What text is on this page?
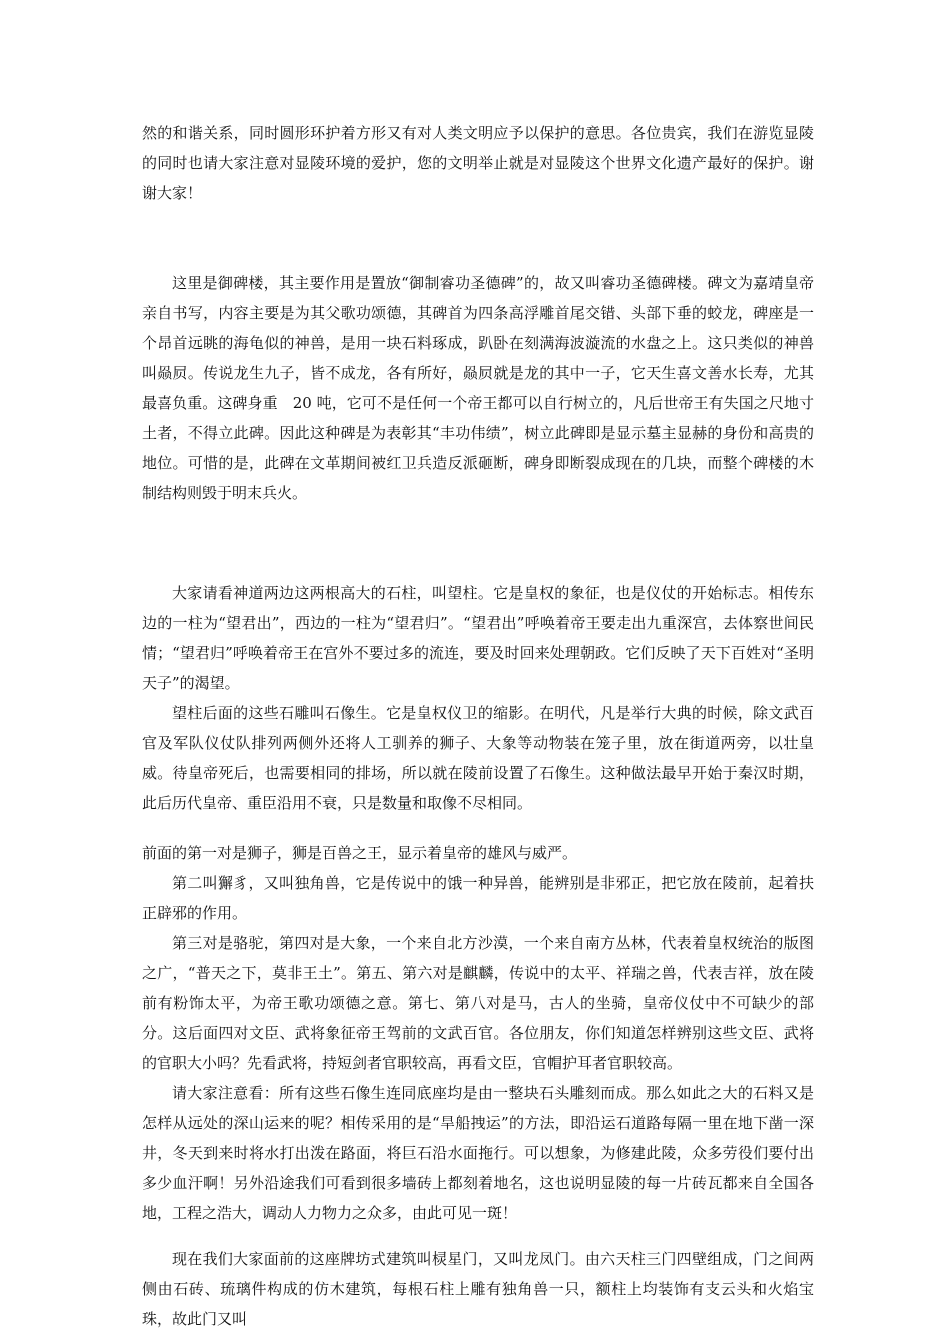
然的和谐关系，同时圆形环护着方形又有对人类文明应予以保护的意思。各位贵宾，我们在游览显陵的同时也请大家注意对显陵环境的爱护，您的文明举止就是对显陵这个世界文化遗产最好的保护。谢谢大家！

这里是御碑楼，其主要作用是置放“御制睿功圣德碑”的，故又叫睿功圣德碑楼。碑文为嘉靖皇帝亲自书写，内容主要是为其父歌功颂德，其碑首为四条高浮雕首尾交错、头部下垂的蛟龙，碑座是一个昂首远眺的海龟似的神兽，是用一块石料琢成，趴卧在刻满海波漩流的水盘之上。这只类似的神兽叫赑屃。传说龙生九子，皆不成龙，各有所好，赑屃就是龙的其中一子，它天生喜文善水长寿，尤其最喜负重。这碑身重　20 吨，它可不是任何一个帝王都可以自行树立的，凡后世帝王有失国之尺地寸土者，不得立此碑。因此这种碑是为表彰其“丰功伟绩”，树立此碑即是显示墓主显赫的身份和高贵的地位。可惜的是，此碑在文革期间被红卫兵造反派砸断，碑身即断裂成现在的几块，而整个碑楼的木制结构则毁于明末兵火。

大家请看神道两边这两根高大的石柱，叫望柱。它是皇权的象征，也是仪仗的开始标志。相传东边的一柱为“望君出”，西边的一柱为“望君归”。“望君出”呼唤着帝王要走出九重深宫，去体察世间民情；“望君归”呼唤着帝王在宫外不要过多的流连，要及时回来处理朝政。它们反映了天下百姓对“圣明天子”的渴望。

望柱后面的这些石雕叫石像生。它是皇权仪卫的缩影。在明代，凡是举行大典的时候，除文武百官及军队仪仗队排列两侧外还将人工驯养的狮子、大象等动物装在笼子里，放在街道两旁，以壮皇威。待皇帝死后，也需要相同的排场，所以就在陵前设置了石像生。这种做法最早开始于秦汉时期，此后历代皇帝、重臣沿用不衰，只是数量和取像不尽相同。

前面的第一对是狮子，狮是百兽之王，显示着皇帝的雄风与威严。

第二叫獬豸，又叫独角兽，它是传说中的饿一种异兽，能辨别是非邪正，把它放在陵前，起着扶正辟邪的作用。

第三对是骆驼，第四对是大象，一个来自北方沙漠，一个来自南方丛林，代表着皇权统治的版图之广，“普天之下，莫非王土”。第五、第六对是麒麟，传说中的太平、祥瑞之兽，代表吉祥，放在陵前有粉饰太平，为帝王歌功颂德之意。第七、第八对是马，古人的坐骑，皇帝仪仗中不可缺少的部分。这后面四对文臣、武将象征帝王驾前的文武百官。各位朋友，你们知道怎样辨别这些文臣、武将的官职大小吗？先看武将，持短剑者官职较高，再看文臣，官帽护耳者官职较高。

请大家注意看：所有这些石像生连同底座均是由一整块石头雕刻而成。那么如此之大的石料又是怎样从远处的深山运来的呢？相传采用的是“旱船拽运”的方法，即沿运石道路每隔一里在地下凿一深井，冬天到来时将水打出泼在路面，将巨石沿水面拖行。可以想象，为修建此陵，众多劳役们要付出多少血汗啊！另外沿途我们可看到很多墙砖上都刻着地名，这也说明显陵的每一片砖瓦都来自全国各地，工程之浩大，调动人力物力之众多，由此可见一斑！

现在我们大家面前的这座牌坊式建筑叫棂星门，又叫龙凤门。由六天柱三门四壁组成，门之间两侧由石砖、琉璃件构成的仿木建筑，每根石柱上雕有独角兽一只，额柱上均装饰有支云头和火焰宝珠，故此门又叫
